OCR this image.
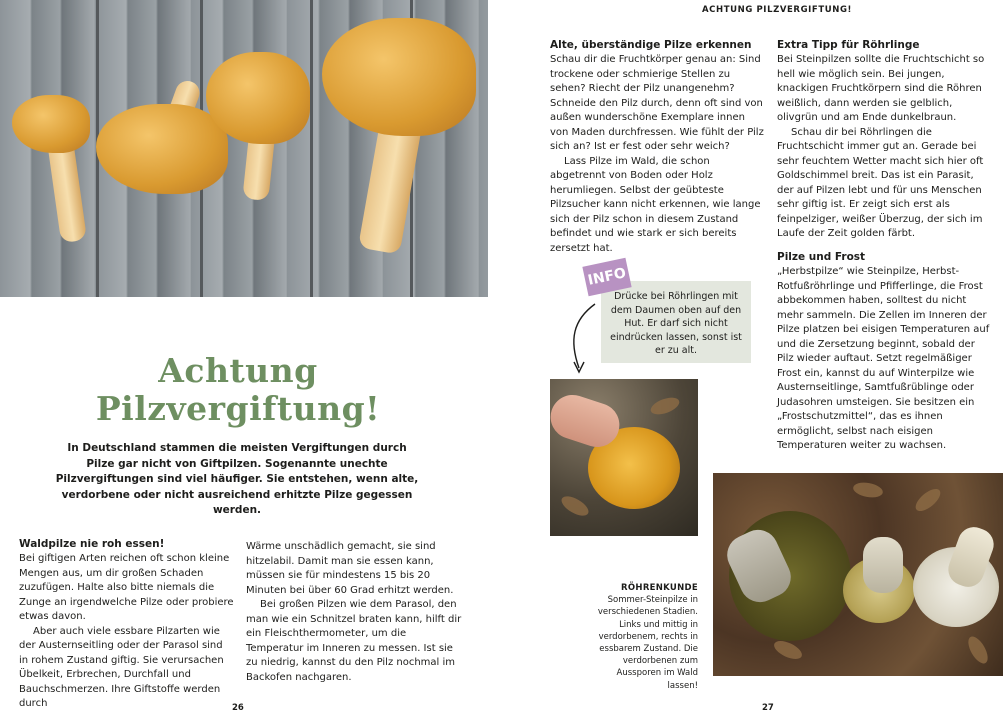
ACHTUNG PILZVERGIFTUNG!
Achtung
Pilzvergiftung!

In Deutschland stammen die meisten Vergiftungen durch Pilze gar nicht von Giftpilzen. Sogenannte unechte Pilzvergiftungen sind viel häufiger. Sie entstehen, wenn alte, verdorbene oder nicht ausreichend erhitzte Pilze gegessen werden.

Waldpilze nie roh essen!

Bei giftigen Arten reichen oft schon kleine Mengen aus, um dir großen Schaden zuzufügen. Halte also bitte niemals die Zunge an irgendwelche Pilze oder probiere etwas davon.

Aber auch viele essbare Pilzarten wie der Austernseitling oder der Parasol sind in rohem Zustand giftig. Sie verursachen Übelkeit, Erbrechen, Durchfall und Bauchschmerzen. Ihre Giftstoffe werden durch

Wärme unschädlich gemacht, sie sind hitzelabil. Damit man sie essen kann, müssen sie für mindestens 15 bis 20 Minuten bei über 60 Grad erhitzt werden.

Bei großen Pilzen wie dem Parasol, den man wie ein Schnitzel braten kann, hilft dir ein Fleischthermometer, um die Temperatur im Inneren zu messen. Ist sie zu niedrig, kannst du den Pilz nochmal im Backofen nachgaren.

Alte, überständige Pilze erkennen

Schau dir die Fruchtkörper genau an: Sind trockene oder schmierige Stellen zu sehen? Riecht der Pilz unangenehm? Schneide den Pilz durch, denn oft sind von außen wunderschöne Exemplare innen von Maden durchfressen. Wie fühlt der Pilz sich an? Ist er fest oder sehr weich?

Lass Pilze im Wald, die schon abgetrennt von Boden oder Holz herumliegen. Selbst der geübteste Pilzsucher kann nicht erkennen, wie lange sich der Pilz schon in diesem Zustand befindet und wie stark er sich bereits zersetzt hat.

Extra Tipp für Röhrlinge

Bei Steinpilzen sollte die Fruchtschicht so hell wie möglich sein. Bei jungen, knackigen Fruchtkörpern sind die Röhren weißlich, dann werden sie gelblich, olivgrün und am Ende dunkelbraun.

Schau dir bei Röhrlingen die Fruchtschicht immer gut an. Gerade bei sehr feuchtem Wetter macht sich hier oft Goldschimmel breit. Das ist ein Parasit, der auf Pilzen lebt und für uns Menschen sehr giftig ist. Er zeigt sich erst als feinpelziger, weißer Überzug, der sich im Laufe der Zeit golden färbt.

Pilze und Frost

„Herbstpilze“ wie Steinpilze, Herbst-Rotfußröhrlinge und Pfifferlinge, die Frost abbekommen haben, solltest du nicht mehr sammeln. Die Zellen im Inneren der Pilze platzen bei eisigen Temperaturen auf und die Zersetzung beginnt, sobald der Pilz wieder auftaut. Setzt regelmäßiger Frost ein, kannst du auf Winterpilze wie Austernseitlinge, Samtfußrüblinge oder Judasohren umsteigen. Sie besitzen ein „Frostschutzmittel“, das es ihnen ermöglicht, selbst nach eisigen Temperaturen weiter zu wachsen.

Drücke bei Röhrlingen mit dem Daumen oben auf den Hut. Er darf sich nicht eindrücken lassen, sonst ist er zu alt.
INFO
RÖHRENKUNDE
Sommer-Steinpilze in verschiedenen Stadien. Links und mittig in verdorbenem, rechts in essbarem Zustand. Die verdorbenen zum Aussporen im Wald lassen!
26	27
